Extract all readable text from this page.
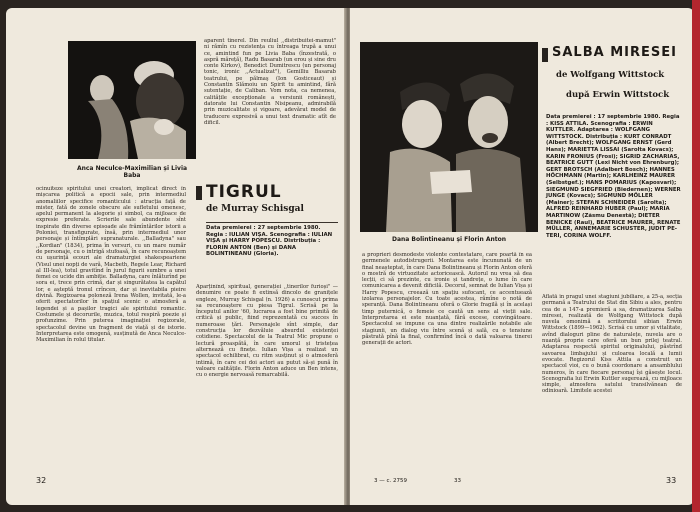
Anca Neculce-Maximilian și Livia Baba
aparent tinerel. Din reuliul ,,distribuitei-mamut" ni rămîn cu rezistența cu întreaga trupă a unui ce, amintind fun pe Livia Baba (înzestrată, o aspră măreță), Radu Basarab (un erou și sine dru conte Kirkov), Benedict Dumitrescu (un personaj tonic, ironic ,,Actualizat"), Gemilliu Basarab teatrului, pe pălmaş (Ion Gosticeaut) și Constantin Slămoiu un Spirit tu amintind, fără sutentație, de Caliban. Vom nota, ca nemenea, calitățile excepționale a versiunii românești, datorate lui Constantin Nisipeanu, admirabilă prin muzicalitate și vigoare, adevărat model de traducere expresivă a unui text dramatic atît de dificil.
ocinuiteze spiritului unei creatori, implicat direct în mișcarea politică a epocii sale, prin intermediul anomaliilor specifice romanticului : atracția față de mister, fată de zonele obscure ale sufletului omenesc, apelul permanent la alegorie și simbol, ca mijloace de expresie preferate. Scrierile sale abundente sînt inspirate din diverse episoade ale frămîntărilor istorii a Poloniei, transfigurate, însă, prin intermediul unor personaje și întîmplări supranaturale. ,,Balladyna" sau ,,Kordian" (1834), prima în versuri, cu un mare număr de personaje, cu o intrigă stufoasă, în care recunoaștem cu ușurință ecouri ale dramaturgiei shakespeariene (Visul unei nopți de vară, Macbeth, Regele Lear, Richard al III-lea), totul gravitînd în jurul figurii sumbre a unei femei ce ucide din ambiție. Balladyna, care înlăturînd pe sora ei, trece prin crimă, dar și singurătatea la capătul lor, e așteptă tronul crîncen, dar și inevitabila pieire divină. Regizoarea poloneză Irena Wollen, invitată, le-a oferit spectatorilor în spațiul scenic o atmosferă a legendei și a pașilor tragici ale spiritului romantic. Costumele și decorurile, muzica, totul respiră poezie și profunzime. Prin puterea imaginației regizorale, spectacolul devine un fragment de viață și de istorie. Interpretarea este omogenă, susținută de Anca Neculce-Maximilian în rolul titular.
TIGRUL
de Murray Schisgal
Data premierei : 27 septembrie 1980. Regia : IULIAN VIȘA. Scenografia : IULIAN VIȘA și HARRY POPESCU. Distribuția : FLORIN ANTON (Ben) și DANA BOLINTINEANU (Gloria).
Aparținînd, spiritual, generației ,,tinerilor furioși" — denumire ce poate fi extinsă dincolo de granițele engleze, Murray Schisgal (n. 1926) a cunoscut prima sa recunoaștere cu piesa Tigrul. Scrisă pe la începutul anilor '60, lucrarea a fost bine primită de critică și public, fiind reprezentată cu succes în numeroase țări. Personajele sînt simple, dar construcția lor dezvăluie absurdul existenței cotidiene. Spectacolul de la Teatrul Mic propune o lectură proaspătă, în care umorul și tristețea alternează cu finețe. Iulian Vișa a realizat un spectacol echilibrat, cu ritm susținut și o atmosferă intimă, în care cei doi actori au putut să-și pună în valoare calitățile. Florin Anton aduce un Ben intens, cu o energie nervoasă remarcabilă.
32
Dana Bolintineanu și Florin Anton
SALBA MIRESEI
de Wolfgang Wittstock
după Erwin Wittstock
Data premierei : 17 septembrie 1980. Regia : KISS ATTILA. Scenografia : ERWIN KUTTLER. Adaptarea : WOLFGANG WITTSTOCK. Distribuția : KURT CONRADT (Albert Brecht); WOLFGANG ERNST (Gerd Hans); MARIETTA LISSAI (Sarolta Kovacs); KARIN FRONIUS (Frosi); SIGRID ZACHARIAS, BEATRICE GUTT (Lexi Nicht von Ehrenburg); GERT BROTSCH (Adalbert Bosch); HANNES HÖCHMANN (Martin); KARLHEINZ MAURER (Selbstgef.); HANS POMARIUS (Kaposvari); SIEGMUND SIEGFRIED (Biedernen); WERNER JUNGE (Kovacs); SIGMUND MÖLLER (Mainer); STEFAN SCHNEIDER (Sarolta); ALFRED REINHARD HUBER (Paul); MARIA MARTINOW (Zăsmu Denestă); DIETER BENICKE (Raul), BEATRICE MAURER, RENATE MÜLLER, ANNEMARIE SCHUSTER, JUDIT PETERI, CORINA WOLFF.
a proprieri desmodeste violente contestatare, care poartă în ea germenele autodistrugerii. Montarea este încununată de un final neașteptat, în care Dana Bolintineanu și Florin Anton oferă o mostră de virtuozitate actoricească. Autorul nu vrea să dea lecții, ci să prezinte, cu ironie și tandrețe, o lume în care comunicarea a devenit dificilă. Decorul, semnat de Iulian Vișa și Harry Popescu, creează un spațiu sufocant, ce accentuează izolarea personajelor. Cu toate acestea, rămîne o notă de speranță. Dana Bolintineanu oferă o Glorie fragilă și în același timp puternică, o femeie ce caută un sens al vieții sale. Interpretarea ei este nuanțată, fără excese, convingătoare. Spectacolul se impune ca una dintre realizările notabile ale stagiunii, un dialog viu între scenă și sală, cu o tensiune păstrată pînă la final, confirmînd încă o dată valoarea tinerei generații de actori.
Aflată în pragul unei stagiuni jubiliare, a 25-a, secția germană a Teatrului de Stat din Sibiu a ales, pentru cea de a 147-a premieră a sa, dramatizarea Salba miresei, realizată de Wolfgang Wittstock după nuvela omonimă a scriitorului sibian Erwin Wittstock (1899—1962). Scrisă cu umor și vitalitate, avînd dialoguri pline de naturalețe, nuvela are o nuanță proprie care oferă un bun prilej teatral. Adaptarea respectă spiritul originalului, păstrînd savoarea limbajului și culoarea locală a lumii evocate. Regizorul Kiss Attila a construit un spectacol vioi, cu o bună coordonare a ansamblului numeros, în care fiecare personaj își găsește locul. Scenografia lui Erwin Kuttler sugerează, cu mijloace simple, atmosfera satului transilvănean de odinioară. Limitele acestei
3 — c. 2759	33	33
